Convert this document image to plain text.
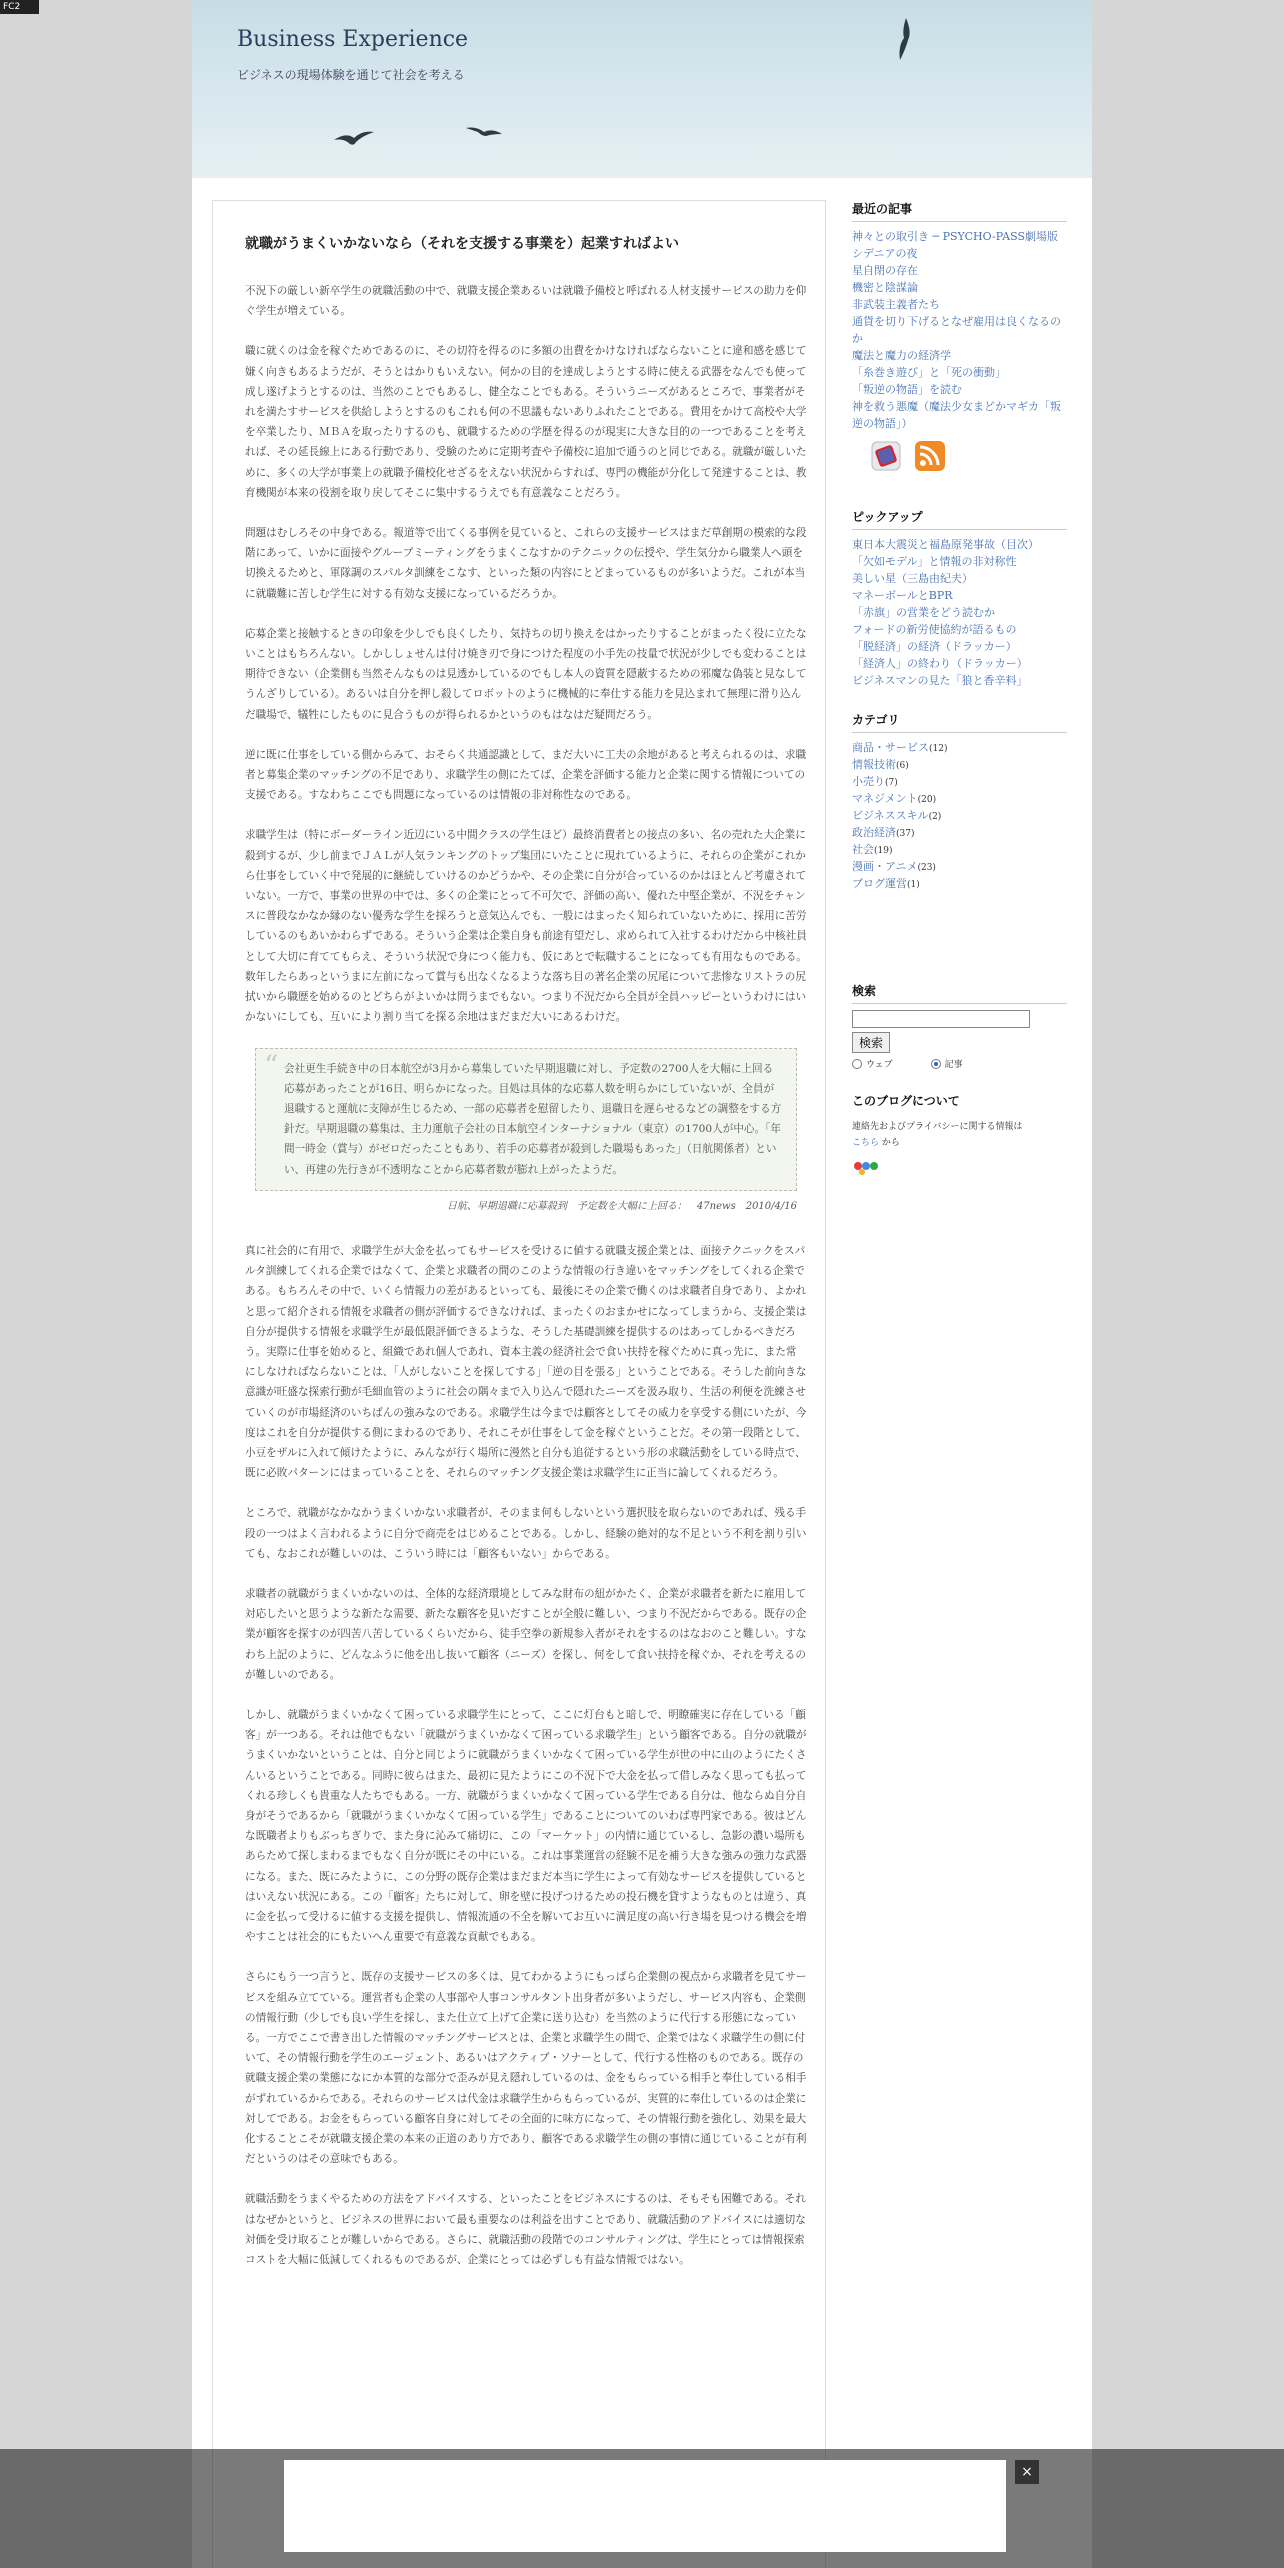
FC2
Business Experience
ビジネスの現場体験を通じて社会を考える
就職がうまくいかないなら（それを支援する事業を）起業すればよい

不況下の厳しい新卒学生の就職活動の中で、就職支援企業あるいは就職予備校と呼ばれる人材支援サービスの助力を仰ぐ学生が増えている。

職に就くのは金を稼ぐためであるのに、その切符を得るのに多額の出費をかけなければならないことに違和感を感じて嫌く向きもあるようだが、そうとはかりもいえない。何かの目的を達成しようとする時に使える武器をなんでも使って成し遂げようとするのは、当然のことでもあるし、健全なことでもある。そういうニーズがあるところで、事業者がそれを満たすサービスを供給しようとするのもこれも何の不思議もないありふれたことである。費用をかけて高校や大学を卒業したり、ＭＢＡを取ったりするのも、就職するための学歴を得るのが現実に大きな目的の一つであることを考えれば、その延長線上にある行動であり、受験のために定期考査や予備校に追加で通うのと同じである。就職が厳しいために、多くの大学が事業上の就職予備校化せざるをえない状況からすれば、専門の機能が分化して発達することは、教育機関が本来の役割を取り戻してそこに集中するうえでも有意義なことだろう。

問題はむしろその中身である。報道等で出てくる事例を見ていると、これらの支援サービスはまだ草創期の模索的な段階にあって、いかに面接やグループミーティングをうまくこなすかのテクニックの伝授や、学生気分から職業人へ頭を切換えるためと、軍隊調のスパルタ訓練をこなす、といった類の内容にとどまっているものが多いようだ。これが本当に就職難に苦しむ学生に対する有効な支援になっているだろうか。

応募企業と接触するときの印象を少しでも良くしたり、気持ちの切り換えをはかったりすることがまったく役に立たないことはもちろんない。しかししょせんは付け焼き刃で身につけた程度の小手先の技量で状況が少しでも変わることは期待できない（企業側も当然そんなものは見透かしているのでもし本人の資質を隠蔽するための邪魔な偽装と見なしてうんざりしている）。あるいは自分を押し殺してロボットのように機械的に奉仕する能力を見込まれて無理に滑り込んだ職場で、犠牲にしたものに見合うものが得られるかというのもはなはだ疑問だろう。

逆に既に仕事をしている側からみて、おそらく共通認識として、まだ大いに工夫の余地があると考えられるのは、求職者と募集企業のマッチングの不足であり、求職学生の側にたてば、企業を評価する能力と企業に関する情報についての支援である。すなわちここでも問題になっているのは情報の非対称性なのである。

求職学生は（特にボーダーライン近辺にいる中間クラスの学生ほど）最終消費者との接点の多い、名の売れた大企業に殺到するが、少し前までＪＡＬが人気ランキングのトップ集団にいたことに現れているように、それらの企業がこれから仕事をしていく中で発展的に継続していけるのかどうかや、その企業に自分が合っているのかはほとんど考慮されていない。一方で、事業の世界の中では、多くの企業にとって不可欠で、評価の高い、優れた中堅企業が、不況をチャンスに普段なかなか縁のない優秀な学生を採ろうと意気込んでも、一般にはまったく知られていないために、採用に苦労しているのもあいかわらずである。そういう企業は企業自身も前途有望だし、求められて入社するわけだから中核社員として大切に育ててもらえ、そういう状況で身につく能力も、仮にあとで転職することになっても有用なものである。数年したらあっというまに左前になって賞与も出なくなるような落ち目の著名企業の尻尾について悲惨なリストラの尻拭いから職歴を始めるのとどちらがよいかは問うまでもない。つまり不況だから全員が全員ハッピーというわけにはいかないにしても、互いにより割り当てを探る余地はまだまだ大いにあるわけだ。

“ 会社更生手続き中の日本航空が3月から募集していた早期退職に対し、予定数の2700人を大幅に上回る応募があったことが16日、明らかになった。目処は具体的な応募人数を明らかにしていないが、全員が退職すると運航に支障が生じるため、一部の応募者を慰留したり、退職日を遅らせるなどの調整をする方針だ。早期退職の募集は、主力運航子会社の日本航空インターナショナル（東京）の1700人が中心。「年間一時金（賞与）がゼロだったこともあり、若手の応募者が殺到した職場もあった」（日航関係者）といい、再建の先行きが不透明なことから応募者数が膨れ上がったようだ。
日航、早期退職に応募殺到　予定数を大幅に上回る：　47news　2010/4/16

真に社会的に有用で、求職学生が大金を払ってもサービスを受けるに値する就職支援企業とは、面接テクニックをスパルタ訓練してくれる企業ではなくて、企業と求職者の間のこのような情報の行き違いをマッチングをしてくれる企業である。もちろんその中で、いくら情報力の差があるといっても、最後にその企業で働くのは求職者自身であり、よかれと思って紹介される情報を求職者の側が評価するできなければ、まったくのおまかせになってしまうから、支援企業は自分が提供する情報を求職学生が最低限評価できるような、そうした基礎訓練を提供するのはあってしかるべきだろう。実際に仕事を始めると、組織であれ個人であれ、資本主義の経済社会で食い扶持を稼ぐために真っ先に、また常にしなければならないことは、「人がしないことを探してする」「逆の目を張る」ということである。そうした前向きな意識が旺盛な探索行動が毛細血管のように社会の隅々まで入り込んで隠れたニーズを汲み取り、生活の利便を洗練させていくのが市場経済のいちばんの強みなのである。求職学生は今までは顧客としてその威力を享受する側にいたが、今度はこれを自分が提供する側にまわるのであり、それこそが仕事をして金を稼ぐということだ。その第一段階として、小豆をザルに入れて傾けたように、みんなが行く場所に漫然と自分も追従するという形の求職活動をしている時点で、既に必敗パターンにはまっていることを、それらのマッチング支援企業は求職学生に正当に論してくれるだろう。

ところで、就職がなかなかうまくいかない求職者が、そのまま何もしないという選択肢を取らないのであれば、残る手段の一つはよく言われるように自分で商売をはじめることである。しかし、経験の絶対的な不足という不利を割り引いても、なおこれが難しいのは、こういう時には「顧客もいない」からである。

求職者の就職がうまくいかないのは、全体的な経済環境としてみな財布の紐がかたく、企業が求職者を新たに雇用して対応したいと思うような新たな需要、新たな顧客を見いだすことが全般に難しい、つまり不況だからである。既存の企業が顧客を探すのが四苦八苦しているくらいだから、徒手空拳の新規参入者がそれをするのはなおのこと難しい。すなわち上記のように、どんなふうに他を出し抜いて顧客（ニーズ）を探し、何をして食い扶持を稼ぐか、それを考えるのが難しいのである。

しかし、就職がうまくいかなくて困っている求職学生にとって、ここに灯台もと暗しで、明瞭確実に存在している「顧客」が一つある。それは他でもない「就職がうまくいかなくて困っている求職学生」という顧客である。自分の就職がうまくいかないということは、自分と同じように就職がうまくいかなくて困っている学生が世の中に山のようにたくさんいるということである。同時に彼らはまた、最初に見たようにこの不況下で大金を払って借しみなく思っても払ってくれる珍しくも貴重な人たちでもある。一方、就職がうまくいかなくて困っている学生である自分は、他ならぬ自分自身がそうであるから「就職がうまくいかなくて困っている学生」であることについてのいわば専門家である。彼はどんな既職者よりもぶっちぎりで、また身に沁みて痛切に、この「マーケット」の内情に通じているし、急影の濃い場所もあらためて探しまわるまでもなく自分が既にその中にいる。これは事業運営の経験不足を補う大きな強みの強力な武器になる。また、既にみたように、この分野の既存企業はまだまだ本当に学生によって有効なサービスを提供しているとはいえない状況にある。この「顧客」たちに対して、卵を壁に投げつけるための投石機を貸すようなものとは違う、真に金を払って受けるに値する支援を提供し、情報流通の不全を解いてお互いに満足度の高い行き場を見つける機会を増やすことは社会的にもたいへん重要で有意義な貢献でもある。

さらにもう一つ言うと、既存の支援サービスの多くは、見てわかるようにもっぱら企業側の視点から求職者を見てサービスを組み立てている。運営者も企業の人事部や人事コンサルタント出身者が多いようだし、サービス内容も、企業側の情報行動（少しでも良い学生を採し、また仕立て上げて企業に送り込む）を当然のように代行する形態になっている。一方でここで書き出した情報のマッチングサービスとは、企業と求職学生の間で、企業ではなく求職学生の側に付いて、その情報行動を学生のエージェント、あるいはアクティブ・ソナーとして、代行する性格のものである。既存の就職支援企業の業態になにか本質的な部分で歪みが見え隠れしているのは、金をもらっている相手と奉仕している相手がずれているからである。それらのサービスは代金は求職学生からもらっているが、実質的に奉仕しているのは企業に対してである。お金をもらっている顧客自身に対してその全面的に味方になって、その情報行動を強化し、効果を最大化することこそが就職支援企業の本来の正道のあり方であり、顧客である求職学生の側の事情に通じていることが有利だというのはその意味でもある。

就職活動をうまくやるための方法をアドバイスする、といったことをビジネスにするのは、そもそも困難である。それはなぜかというと、ビジネスの世界において最も重要なのは利益を出すことであり、就職活動のアドバイスには適切な対価を受け取ることが難しいからである。さらに、就職活動の段階でのコンサルティングは、学生にとっては情報探索コストを大幅に低減してくれるものであるが、企業にとっては必ずしも有益な情報ではない。

最近の記事
神々との取引き ─ PSYCHO-PASS劇場版
シデニアの夜
星自閉の存在
機密と陰謀論
非武装主義者たち
通貨を切り下げるとなぜ雇用は良くなるのか
魔法と魔力の経済学
「糸巻き遊び」と「死の衝動」
「叛逆の物語」を読む
神を救う悪魔（魔法少女まどかマギカ「叛逆の物語」）
ピックアップ
東日本大震災と福島原発事故（目次）
「欠如モデル」と情報の非対称性
美しい星（三島由紀夫）
マネーボールとBPR
「赤旗」の営業をどう読むか
フォードの新労使協約が語るもの
「脱経済」の経済（ドラッカー）
「経済人」の終わり（ドラッカー）
ビジネスマンの見た「狼と香辛料」
カテゴリ
商品・サービス(12)
情報技術(6)
小売り(7)
マネジメント(20)
ビジネススキル(2)
政治経済(37)
社会(19)
漫画・アニメ(23)
ブログ運営(1)
検索
検索
ウェブ	記事
このブログについて
連絡先およびプライバシーに関する情報は
こちら から
×
